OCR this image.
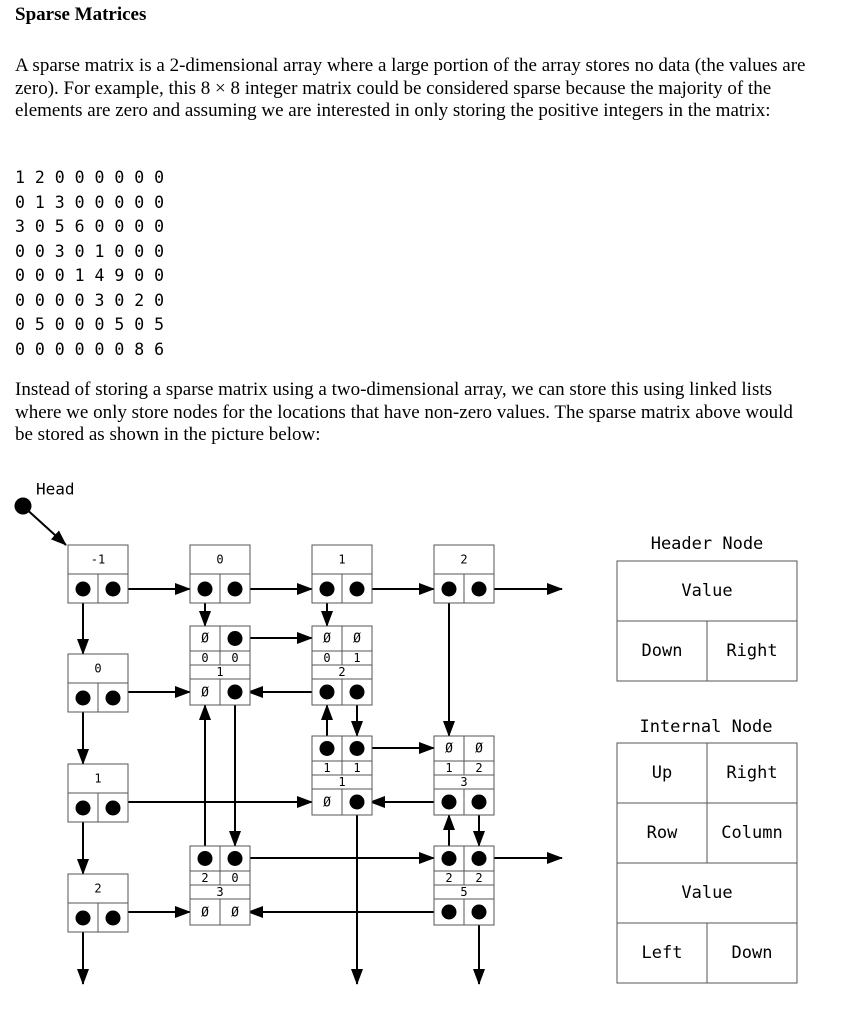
Sparse Matrices

A sparse matrix is a 2-dimensional array where a large portion of the array stores no data (the values are zero). For example, this 8 × 8 integer matrix could be considered sparse because the majority of the elements are zero and assuming we are interested in only storing the positive integers in the matrix:

1 2 0 0 0 0 0 0
0 1 3 0 0 0 0 0
3 0 5 6 0 0 0 0
0 0 3 0 1 0 0 0
0 0 0 1 4 9 0 0
0 0 0 0 3 0 2 0
0 5 0 0 0 5 0 5
0 0 0 0 0 0 8 6

Instead of storing a sparse matrix using a two-dimensional array, we can store this using linked lists where we only store nodes for the locations that have non-zero values. The sparse matrix above would be stored as shown in the picture below:

-1	0	1	2
0
1
2
Ø
0 0
1
Ø
Ø Ø
0 1
2
1 1
1
Ø
Ø Ø
1 2
3
2 0
3
Ø Ø
2 2
5
Head
Header Node
Value
Down	Right
Internal Node
Up	Right
Row	Column
Value
Left	Down
